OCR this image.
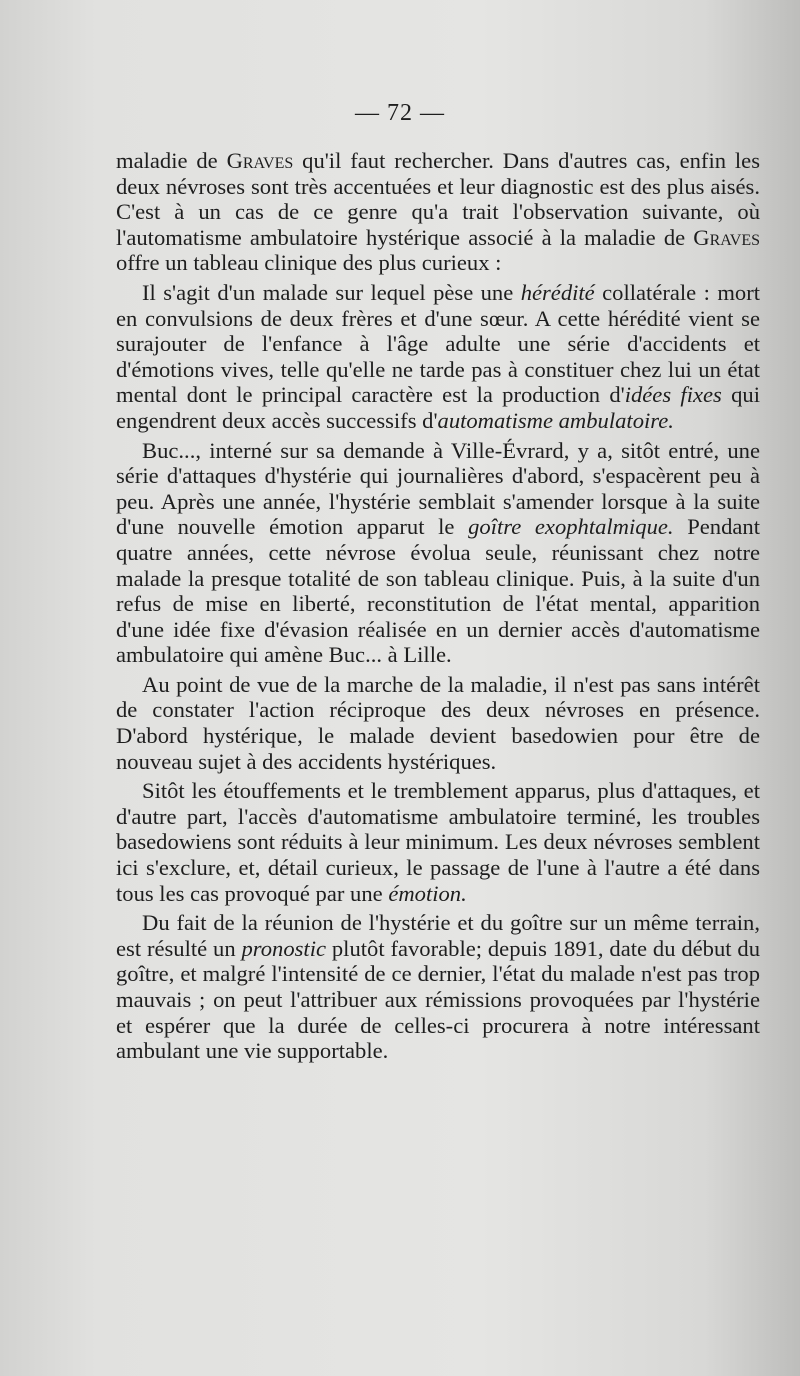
— 72 —

maladie de Graves qu'il faut rechercher. Dans d'autres cas, enfin les deux névroses sont très accentuées et leur diagnostic est des plus aisés. C'est à un cas de ce genre qu'a trait l'observation suivante, où l'automatisme ambulatoire hystérique associé à la maladie de Graves offre un tableau clinique des plus curieux :

Il s'agit d'un malade sur lequel pèse une hérédité collatérale : mort en convulsions de deux frères et d'une sœur. A cette hérédité vient se surajouter de l'enfance à l'âge adulte une série d'accidents et d'émotions vives, telle qu'elle ne tarde pas à constituer chez lui un état mental dont le principal caractère est la production d'idées fixes qui engendrent deux accès successifs d'automatisme ambulatoire.

Buc..., interné sur sa demande à Ville-Évrard, y a, sitôt entré, une série d'attaques d'hystérie qui journalières d'abord, s'espacèrent peu à peu. Après une année, l'hystérie semblait s'amender lorsque à la suite d'une nouvelle émotion apparut le goître exophtalmique. Pendant quatre années, cette névrose évolua seule, réunissant chez notre malade la presque totalité de son tableau clinique. Puis, à la suite d'un refus de mise en liberté, reconstitution de l'état mental, apparition d'une idée fixe d'évasion réalisée en un dernier accès d'automatisme ambulatoire qui amène Buc... à Lille.

Au point de vue de la marche de la maladie, il n'est pas sans intérêt de constater l'action réciproque des deux névroses en présence. D'abord hystérique, le malade devient basedowien pour être de nouveau sujet à des accidents hystériques.

Sitôt les étouffements et le tremblement apparus, plus d'attaques, et d'autre part, l'accès d'automatisme ambulatoire terminé, les troubles basedowiens sont réduits à leur minimum. Les deux névroses semblent ici s'exclure, et, détail curieux, le passage de l'une à l'autre a été dans tous les cas provoqué par une émotion.

Du fait de la réunion de l'hystérie et du goître sur un même terrain, est résulté un pronostic plutôt favorable; depuis 1891, date du début du goître, et malgré l'intensité de ce dernier, l'état du malade n'est pas trop mauvais ; on peut l'attribuer aux rémissions provoquées par l'hystérie et espérer que la durée de celles-ci procurera à notre intéressant ambulant une vie supportable.
